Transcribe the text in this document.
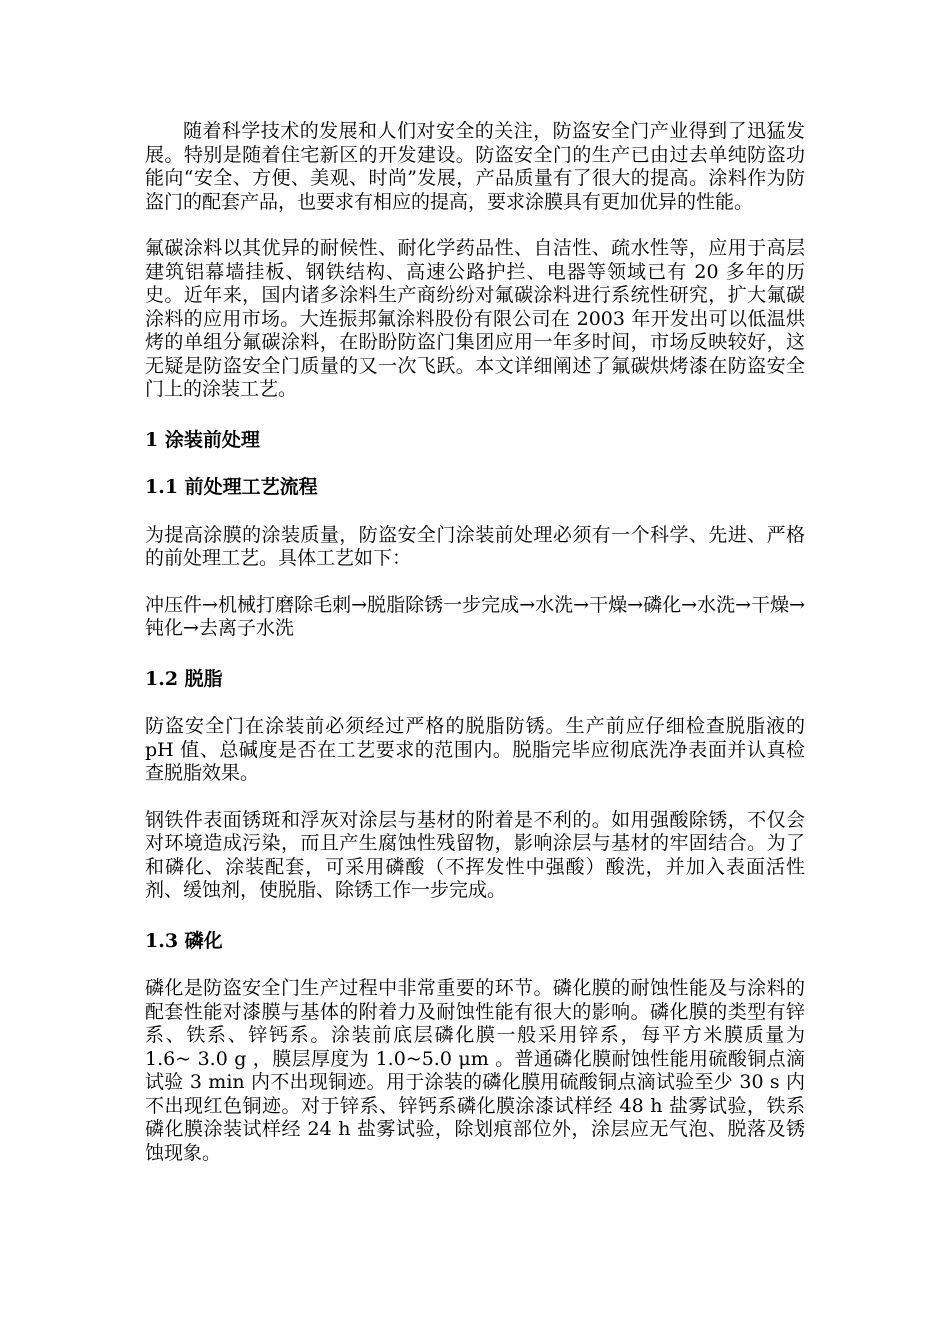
随着科学技术的发展和人们对安全的关注，防盗安全门产业得到了迅猛发展。特别是随着住宅新区的开发建设。防盗安全门的生产已由过去单纯防盗功能向“安全、方便、美观、时尚”发展，产品质量有了很大的提高。涂料作为防盗门的配套产品，也要求有相应的提高，要求涂膜具有更加优异的性能。

氟碳涂料以其优异的耐候性、耐化学药品性、自洁性、疏水性等，应用于高层建筑铝幕墙挂板、钢铁结构、高速公路护拦、电器等领域已有 20 多年的历史。近年来，国内诸多涂料生产商纷纷对氟碳涂料进行系统性研究，扩大氟碳涂料的应用市场。大连振邦氟涂料股份有限公司在 2003 年开发出可以低温烘烤的单组分氟碳涂料，在盼盼防盗门集团应用一年多时间，市场反映较好，这无疑是防盗安全门质量的又一次飞跃。本文详细阐述了氟碳烘烤漆在防盗安全门上的涂装工艺。

1 涂装前处理

1.1 前处理工艺流程

为提高涂膜的涂装质量，防盗安全门涂装前处理必须有一个科学、先进、严格的前处理工艺。具体工艺如下：

冲压件→机械打磨除毛刺→脱脂除锈一步完成→水洗→干燥→磷化→水洗→干燥→钝化→去离子水洗

1.2 脱脂

防盗安全门在涂装前必须经过严格的脱脂防锈。生产前应仔细检查脱脂液的 pH 值、总碱度是否在工艺要求的范围内。脱脂完毕应彻底洗净表面并认真检查脱脂效果。

钢铁件表面锈斑和浮灰对涂层与基材的附着是不利的。如用强酸除锈，不仅会对环境造成污染，而且产生腐蚀性残留物，影响涂层与基材的牢固结合。为了和磷化、涂装配套，可采用磷酸（不挥发性中强酸）酸洗，并加入表面活性剂、缓蚀剂，使脱脂、除锈工作一步完成。

1.3 磷化

磷化是防盗安全门生产过程中非常重要的环节。磷化膜的耐蚀性能及与涂料的配套性能对漆膜与基体的附着力及耐蚀性能有很大的影响。磷化膜的类型有锌系、铁系、锌钙系。涂装前底层磷化膜一般采用锌系，每平方米膜质量为 1.6~ 3.0 g ，膜层厚度为 1.0~5.0 μm 。普通磷化膜耐蚀性能用硫酸铜点滴试验 3 min 内不出现铜迹。用于涂装的磷化膜用硫酸铜点滴试验至少 30 s 内不出现红色铜迹。对于锌系、锌钙系磷化膜涂漆试样经 48 h 盐雾试验，铁系磷化膜涂装试样经 24 h 盐雾试验，除划痕部位外，涂层应无气泡、脱落及锈蚀现象。
